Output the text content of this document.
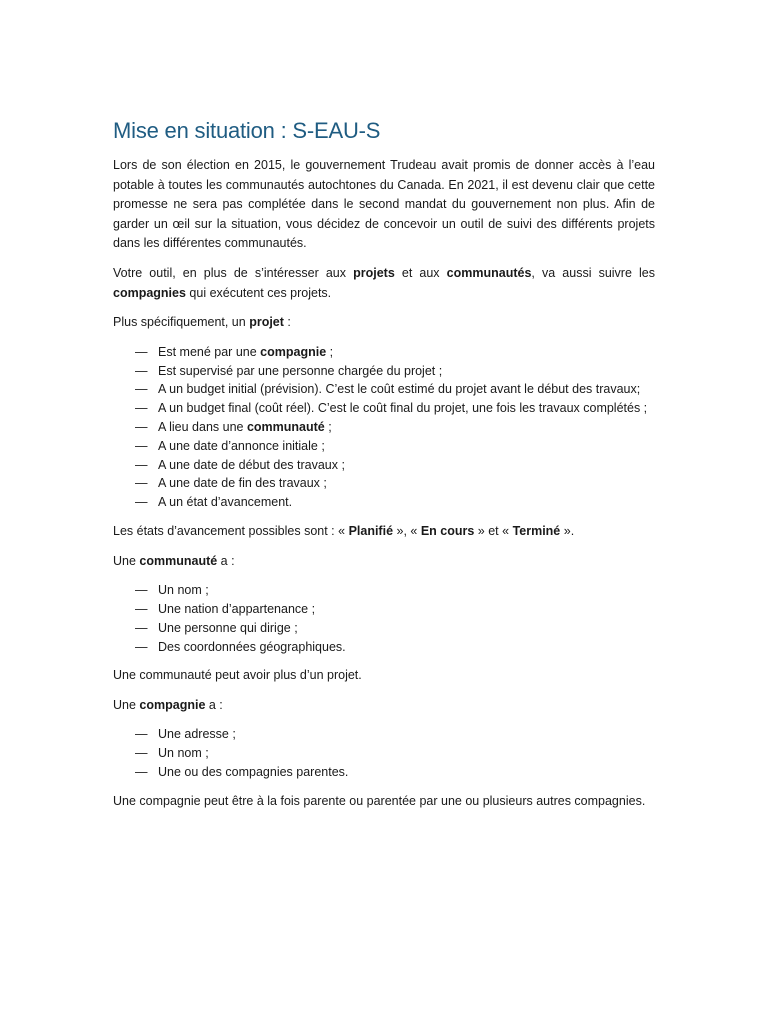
Mise en situation : S-EAU-S

Lors de son élection en 2015, le gouvernement Trudeau avait promis de donner accès à l’eau potable à toutes les communautés autochtones du Canada. En 2021, il est devenu clair que cette promesse ne sera pas complétée dans le second mandat du gouvernement non plus. Afin de garder un œil sur la situation, vous décidez de concevoir un outil de suivi des différents projets dans les différentes communautés.

Votre outil, en plus de s’intéresser aux projets et aux communautés, va aussi suivre les compagnies qui exécutent ces projets.

Plus spécifiquement, un projet :

— Est mené par une compagnie ;
— Est supervisé par une personne chargée du projet ;
— A un budget initial (prévision). C’est le coût estimé du projet avant le début des travaux;
— A un budget final (coût réel). C’est le coût final du projet, une fois les travaux complétés ;
— A lieu dans une communauté ;
— A une date d’annonce initiale ;
— A une date de début des travaux ;
— A une date de fin des travaux ;
— A un état d’avancement.

Les états d’avancement possibles sont : « Planifié », « En cours » et « Terminé ».

Une communauté a :

— Un nom ;
— Une nation d’appartenance ;
— Une personne qui dirige ;
— Des coordonnées géographiques.

Une communauté peut avoir plus d’un projet.

Une compagnie a :

— Une adresse ;
— Un nom ;
— Une ou des compagnies parentes.

Une compagnie peut être à la fois parente ou parentée par une ou plusieurs autres compagnies.
